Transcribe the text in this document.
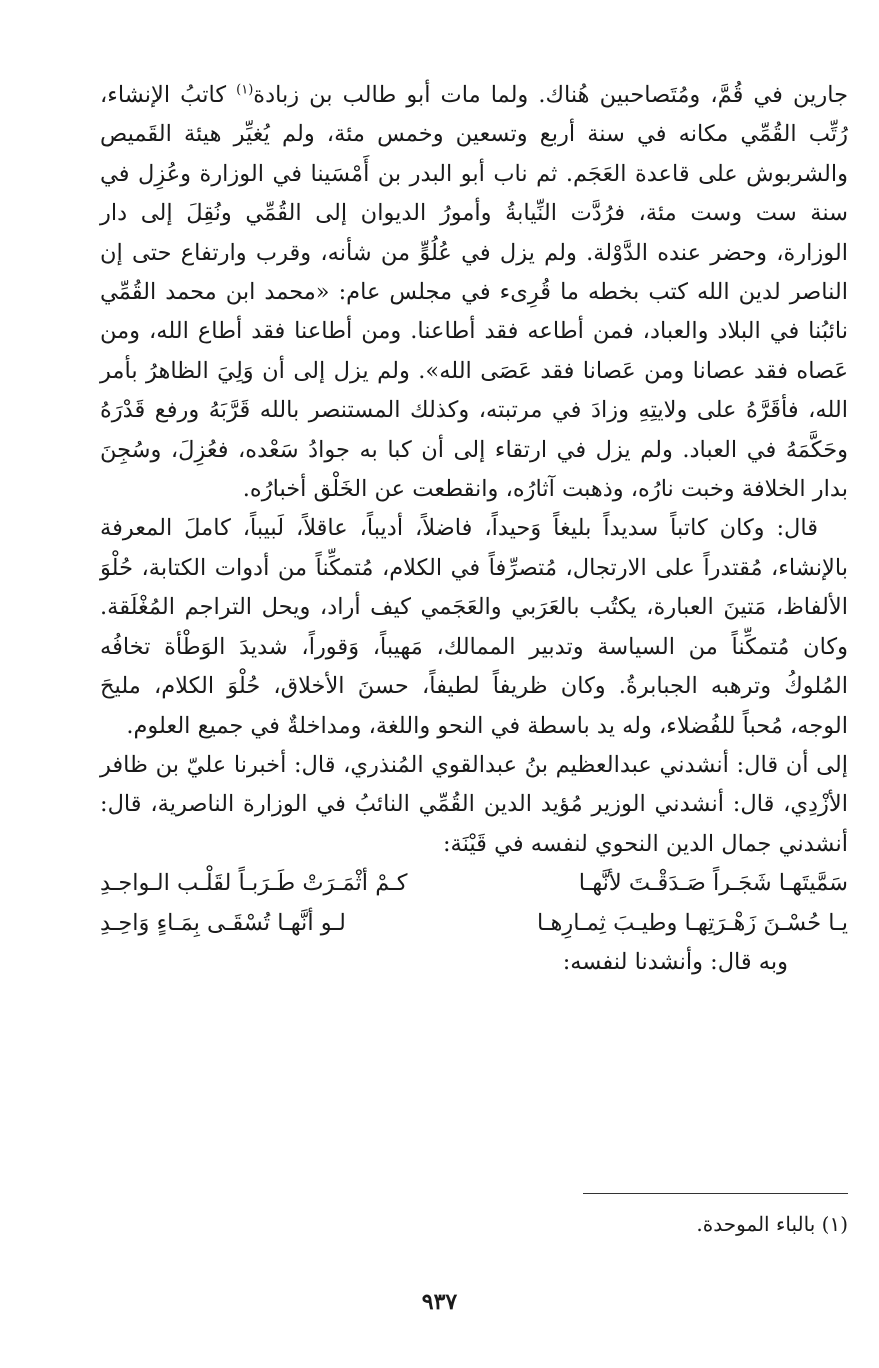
جارين في قُمَّ، ومُتَصاحبين هُناك. ولما مات أبو طالب بن زبادة$^{(١)}$ كاتبُ الإنشاء، رُتِّب القُمِّي مكانه في سنة أربع وتسعين وخمس مئة، ولم يُغيِّر هيئة القَميص والشربوش على قاعدة العَجَم. ثم ناب أبو البدر بن أَمْسَينا في الوزارة وعُزِل في سنة ست وست مئة، فرُدَّت النِّيابةُ وأمورُ الديوان إلى القُمِّي ونُقِلَ إلى دار الوزارة، وحضر عنده الدَّوْلة. ولم يزل في عُلُوٍّ من شأنه، وقرب وارتفاع حتى إن الناصر لدين الله كتب بخطه ما قُرِىء في مجلس عام: «محمد ابن محمد القُمِّي نائبُنا في البلاد والعباد، فمن أطاعه فقد أطاعنا. ومن أطاعنا فقد أطاع الله، ومن عَصاه فقد عصانا ومن عَصانا فقد عَصَى الله». ولم يزل إلى أن وَلِيَ الظاهرُ بأمر الله، فأقَرَّهُ على ولايتِهِ وزادَ في مرتبته، وكذلك المستنصر بالله قَرَّبَهُ ورفع قَدْرَهُ وحَكَّمَهُ في العباد. ولم يزل في ارتقاء إلى أن كبا به جوادُ سَعْده، فعُزِلَ، وسُجِنَ بدار الخلافة وخبت نارُه، وذهبت آثارُه، وانقطعت عن الخَلْق أخبارُه.

قال: وكان كاتباً سديداً بليغاً وَحيداً، فاضلاً، أديباً، عاقلاً، لَبيباً، كاملَ المعرفة بالإنشاء، مُقتدراً على الارتجال، مُتصرِّفاً في الكلام، مُتمكِّناً من أدوات الكتابة، حُلْوَ الألفاظ، مَتينَ العبارة، يكتُب بالعَرَبي والعَجَمي كيف أراد، ويحل التراجم المُغْلَقة. وكان مُتمكِّناً من السياسة وتدبير الممالك، مَهيباً، وَقوراً، شديدَ الوَطْأة تخافُه المُلوكُ وترهبه الجبابرةُ. وكان ظريفاً لطيفاً، حسنَ الأخلاق، حُلْوَ الكلام، مليحَ الوجه، مُحباً للفُضلاء، وله يد باسطة في النحو واللغة، ومداخلةٌ في جميع العلوم.

إلى أن قال: أنشدني عبدالعظيم بنُ عبدالقوي المُنذري، قال: أخبرنا عليّ بن ظافر الأزْدِي، قال: أنشدني الوزير مُؤيد الدين القُمِّي النائبُ في الوزارة الناصرية، قال: أنشدني جمال الدين النحوي لنفسه في قَيْنَة:

سَمَّيتَهـا شَجَـراً صَـدَقْـتَ لأنَّهـا
كـمْ أثْمَـرَتْ طَـرَبـاً لقَلْـب الـواجـدِ
يـا حُسْـنَ زَهْـرَتِهـا وطيـبَ ثِمـارِهـا
لـو أنَّهـا تُسْقَـى بِمَـاءٍ وَاحِـدِ

وبه قال: وأنشدنا لنفسه:

(١) بالباء الموحدة.
٩٣٧
